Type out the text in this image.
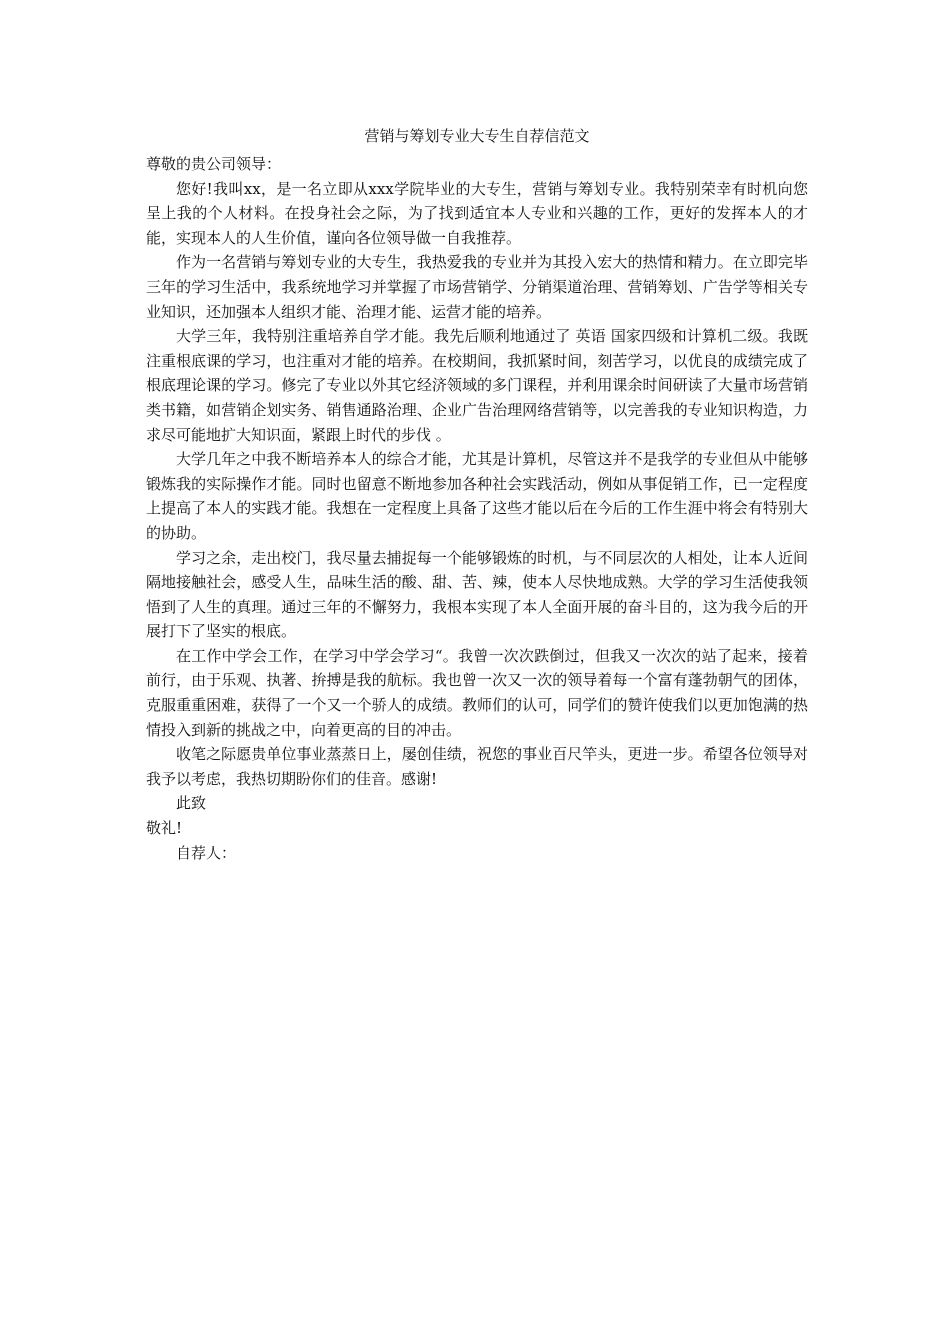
营销与筹划专业大专生自荐信范文

尊敬的贵公司领导：

您好!我叫xx，是一名立即从xxx学院毕业的大专生，营销与筹划专业。我特别荣幸有时机向您呈上我的个人材料。在投身社会之际，为了找到适宜本人专业和兴趣的工作，更好的发挥本人的才能，实现本人的人生价值，谨向各位领导做一自我推荐。

作为一名营销与筹划专业的大专生，我热爱我的专业并为其投入宏大的热情和精力。在立即完毕三年的学习生活中，我系统地学习并掌握了市场营销学、分销渠道治理、营销筹划、广告学等相关专业知识，还加强本人组织才能、治理才能、运营才能的培养。

大学三年，我特别注重培养自学才能。我先后顺利地通过了 英语 国家四级和计算机二级。我既注重根底课的学习，也注重对才能的培养。在校期间，我抓紧时间，刻苦学习，以优良的成绩完成了根底理论课的学习。修完了专业以外其它经济领域的多门课程，并利用课余时间研读了大量市场营销类书籍，如营销企划实务、销售通路治理、企业广告治理网络营销等，以完善我的专业知识构造，力求尽可能地扩大知识面，紧跟上时代的步伐 。

大学几年之中我不断培养本人的综合才能，尤其是计算机，尽管这并不是我学的专业但从中能够锻炼我的实际操作才能。同时也留意不断地参加各种社会实践活动，例如从事促销工作，已一定程度上提高了本人的实践才能。我想在一定程度上具备了这些才能以后在今后的工作生涯中将会有特别大的协助。

学习之余，走出校门，我尽量去捕捉每一个能够锻炼的时机，与不同层次的人相处，让本人近间隔地接触社会，感受人生，品味生活的酸、甜、苦、辣，使本人尽快地成熟。大学的学习生活使我领悟到了人生的真理。通过三年的不懈努力，我根本实现了本人全面开展的奋斗目的，这为我今后的开展打下了坚实的根底。

在工作中学会工作，在学习中学会学习“。我曾一次次跌倒过，但我又一次次的站了起来，接着前行，由于乐观、执著、拚搏是我的航标。我也曾一次又一次的领导着每一个富有蓬勃朝气的团体，克服重重困难，获得了一个又一个骄人的成绩。教师们的认可，同学们的赞许使我们以更加饱满的热情投入到新的挑战之中，向着更高的目的冲击。

收笔之际愿贵单位事业蒸蒸日上，屡创佳绩，祝您的事业百尺竿头，更进一步。希望各位领导对我予以考虑，我热切期盼你们的佳音。感谢!

此致

敬礼!

自荐人：
